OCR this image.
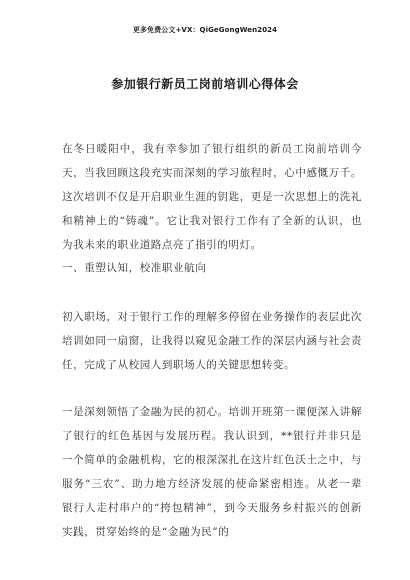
更多免费公文+VX：QiGeGongWen2024
参加银行新员工岗前培训心得体会
在冬日暖阳中，我有幸参加了银行组织的新员工岗前培训今天，当我回顾这段充实而深刻的学习旅程时，心中感慨万千。这次培训不仅是开启职业生涯的钥匙，更是一次思想上的洗礼和精神上的“铸魂”。它让我对银行工作有了全新的认识，也为我未来的职业道路点亮了指引的明灯。
一、重塑认知，校准职业航向
初入职场，对于银行工作的理解多停留在业务操作的表层此次培训如同一扇窗，让我得以窥见金融工作的深层内涵与社会责任，完成了从校园人到职场人的关键思想转变。
一是深刻领悟了金融为民的初心。培训开班第一课便深入讲解了银行的红色基因与发展历程。我认识到，**银行并非只是一个简单的金融机构，它的根深深扎在这片红色沃土之中，与服务“三农”、助力地方经济发展的使命紧密相连。从老一辈银行人走村串户的“挎包精神”，到今天服务乡村振兴的创新实践，贯穿始终的是“金融为民”的
